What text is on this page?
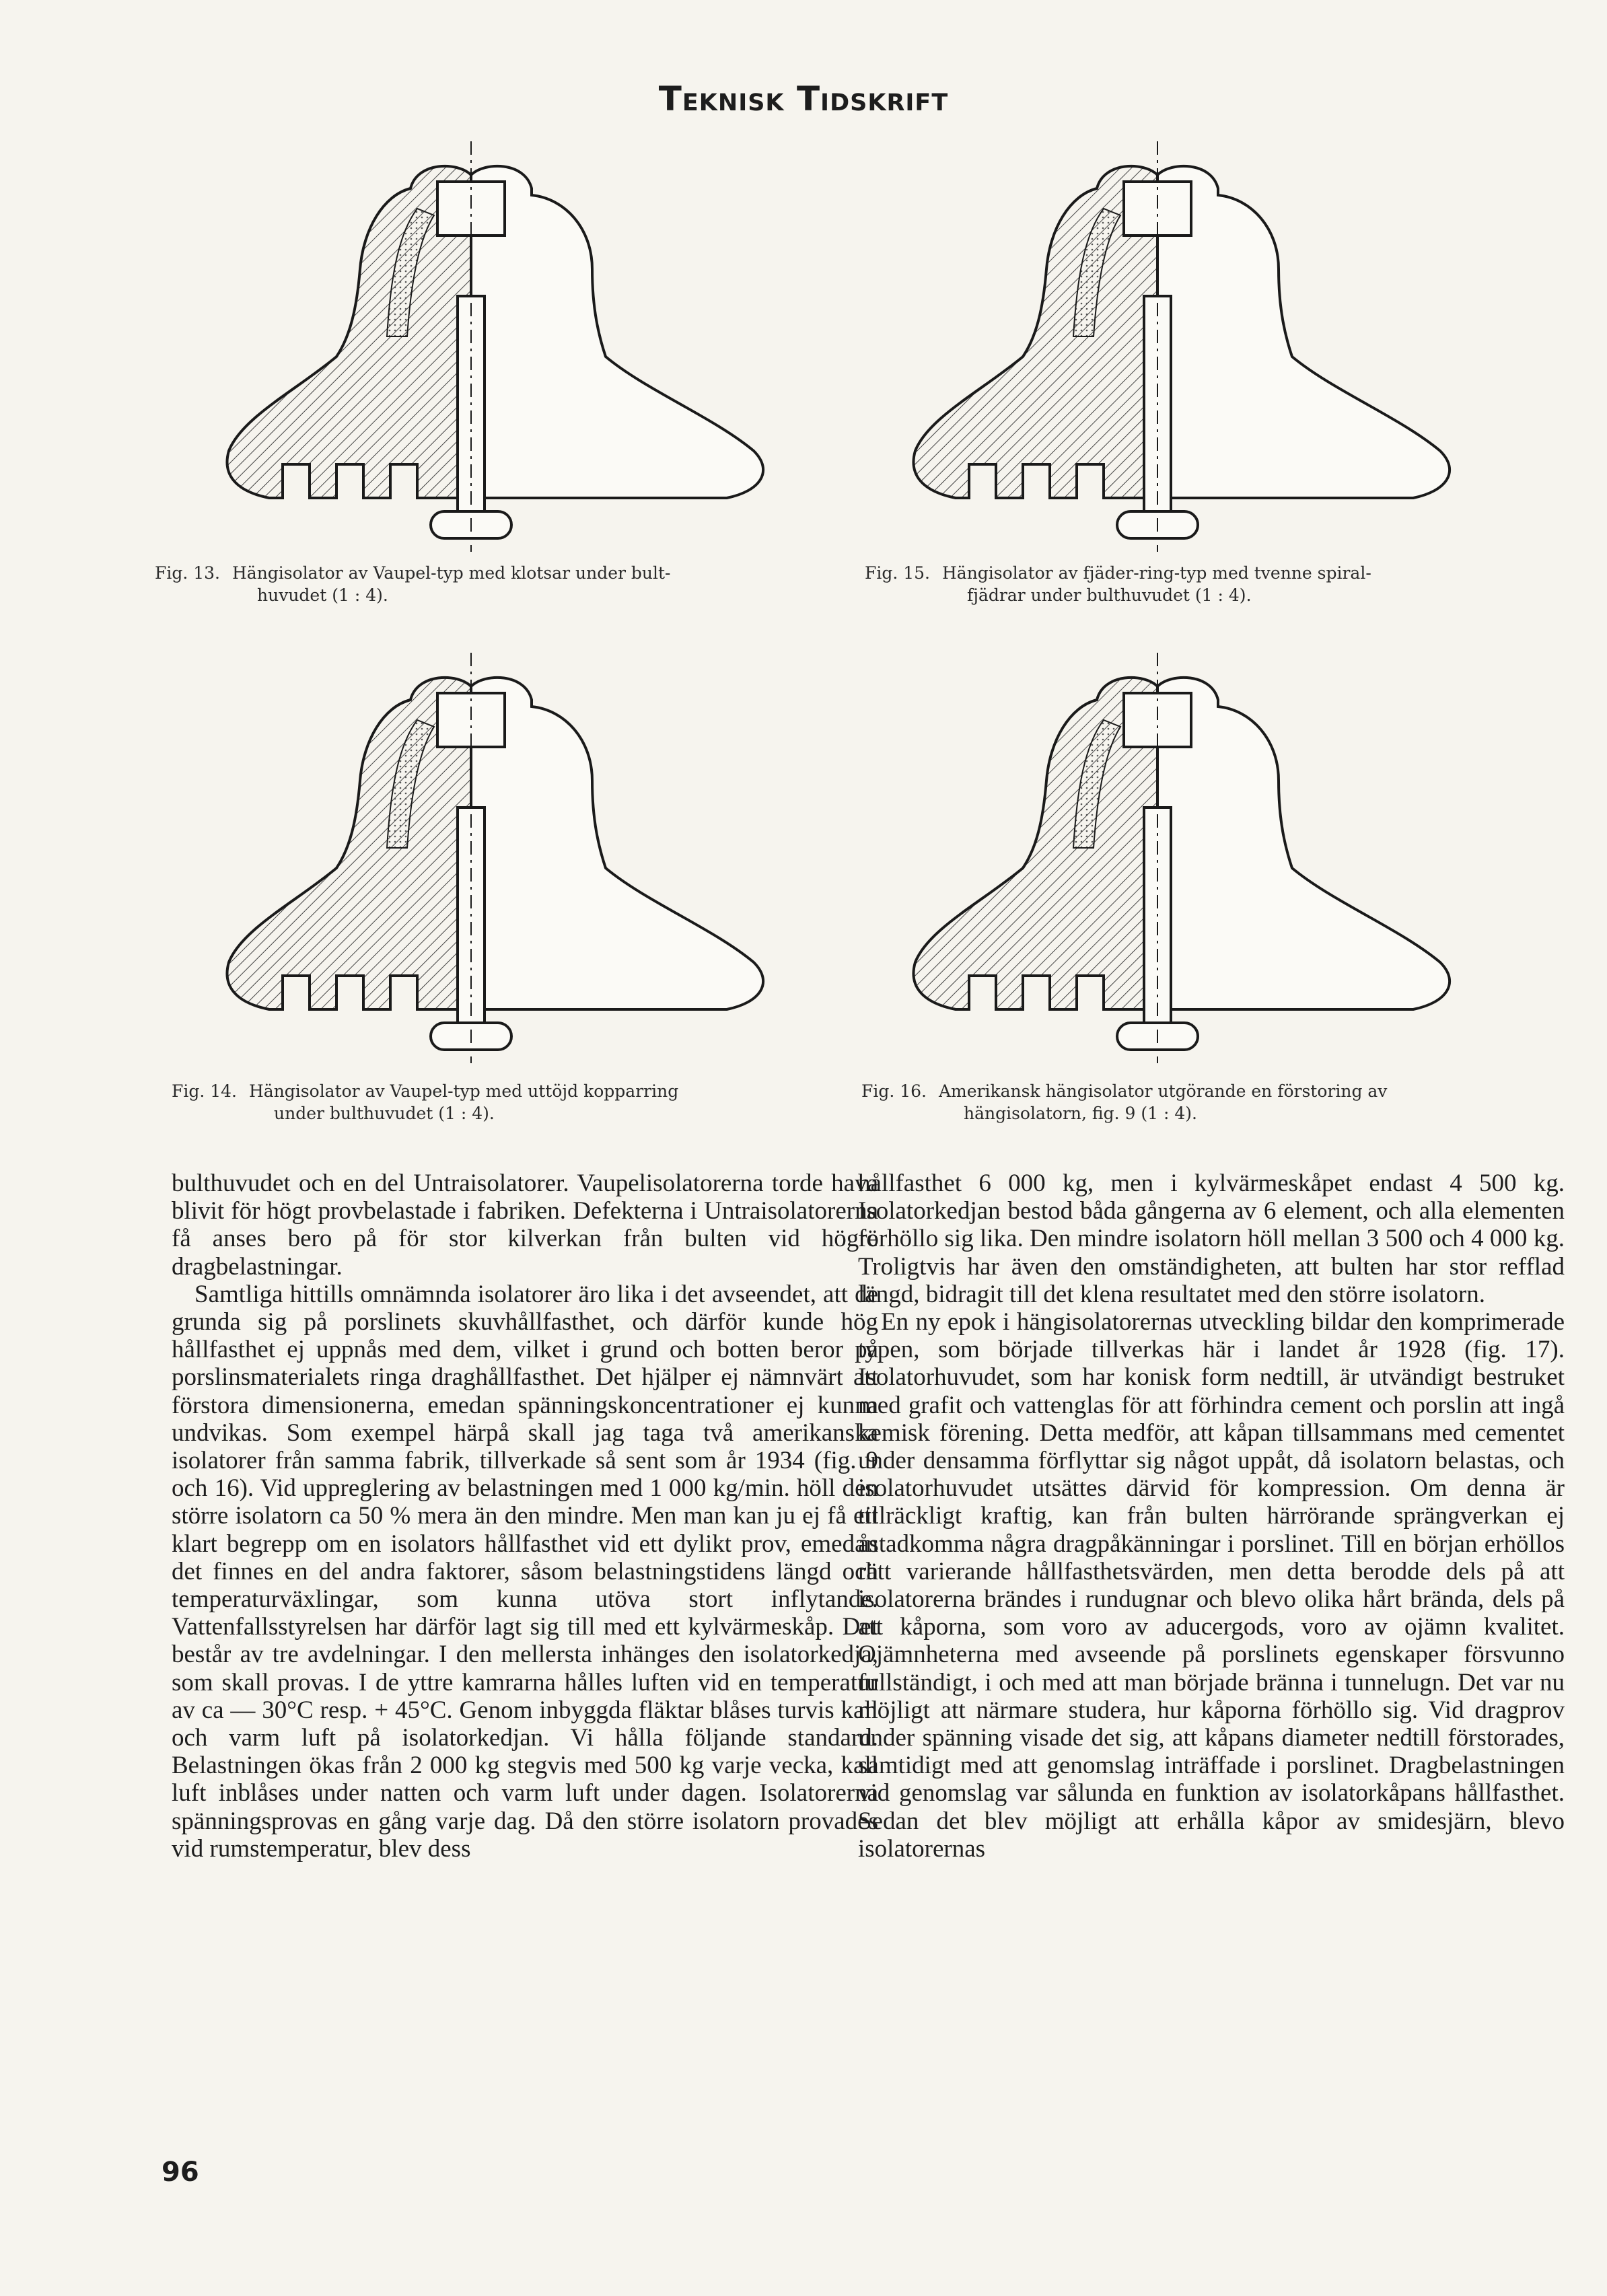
Teknisk Tidskrift
Fig. 13. Hängisolator av Vaupel-typ med klotsar under bult-
huvudet (1 : 4).
Fig. 15. Hängisolator av fjäder-ring-typ med tvenne spiral-
fjädrar under bulthuvudet (1 : 4).
Fig. 14. Hängisolator av Vaupel-typ med uttöjd kopparring
under bulthuvudet (1 : 4).
Fig. 16. Amerikansk hängisolator utgörande en förstoring av
hängisolatorn, fig. 9 (1 : 4).

bulthuvudet och en del Untraisolatorer. Vaupelisolatorerna torde hava blivit för högt provbelastade i fabriken. Defekterna i Untraisolatorerna få anses bero på för stor kilverkan från bulten vid högre dragbelastningar.

Samtliga hittills omnämnda isolatorer äro lika i det avseendet, att de grunda sig på porslinets skuvhållfasthet, och därför kunde hög hållfasthet ej uppnås med dem, vilket i grund och botten beror på porslinsmaterialets ringa draghållfasthet. Det hjälper ej nämnvärt att förstora dimensionerna, emedan spänningskoncentrationer ej kunna undvikas. Som exempel härpå skall jag taga två amerikanska isolatorer från samma fabrik, tillverkade så sent som år 1934 (fig. 9 och 16). Vid uppreglering av belastningen med 1 000 kg/min. höll den större isolatorn ca 50 % mera än den mindre. Men man kan ju ej få ett klart begrepp om en isolators hållfasthet vid ett dylikt prov, emedan det finnes en del andra faktorer, såsom belastningstidens längd och temperaturväxlingar, som kunna utöva stort inflytande. Vattenfallsstyrelsen har därför lagt sig till med ett kylvärmeskåp. Det består av tre avdelningar. I den mellersta inhänges den isolatorkedja, som skall provas. I de yttre kamrarna hålles luften vid en temperatur av ca — 30°C resp. + 45°C. Genom inbyggda fläktar blåses turvis kall och varm luft på isolatorkedjan. Vi hålla följande standard. Belastningen ökas från 2 000 kg stegvis med 500 kg varje vecka, kall luft inblåses under natten och varm luft under dagen. Isolatorerna spänningsprovas en gång varje dag. Då den större isolatorn provades vid rumstemperatur, blev dess

hållfasthet 6 000 kg, men i kylvärmeskåpet endast 4 500 kg. Isolatorkedjan bestod båda gångerna av 6 element, och alla elementen förhöllo sig lika. Den mindre isolatorn höll mellan 3 500 och 4 000 kg. Troligtvis har även den omständigheten, att bulten har stor refflad längd, bidragit till det klena resultatet med den större isolatorn.

En ny epok i hängisolatorernas utveckling bildar den komprimerade typen, som började tillverkas här i landet år 1928 (fig. 17). Isolatorhuvudet, som har konisk form nedtill, är utvändigt bestruket med grafit och vattenglas för att förhindra cement och porslin att ingå kemisk förening. Detta medför, att kåpan tillsammans med cementet under densamma förflyttar sig något uppåt, då isolatorn belastas, och isolatorhuvudet utsättes därvid för kompression. Om denna är tillräckligt kraftig, kan från bulten härrörande sprängverkan ej åstadkomma några dragpåkänningar i porslinet. Till en början erhöllos rätt varierande hållfasthetsvärden, men detta berodde dels på att isolatorerna brändes i rundugnar och blevo olika hårt brända, dels på att kåporna, som voro av aducergods, voro av ojämn kvalitet. Ojämnheterna med avseende på porslinets egenskaper försvunno fullständigt, i och med att man började bränna i tunnelugn. Det var nu möjligt att närmare studera, hur kåporna förhöllo sig. Vid dragprov under spänning visade det sig, att kåpans diameter nedtill förstorades, samtidigt med att genomslag inträffade i porslinet. Dragbelastningen vid genomslag var sålunda en funktion av isolatorkåpans hållfasthet. Sedan det blev möjligt att erhålla kåpor av smidesjärn, blevo isolatorernas

96
